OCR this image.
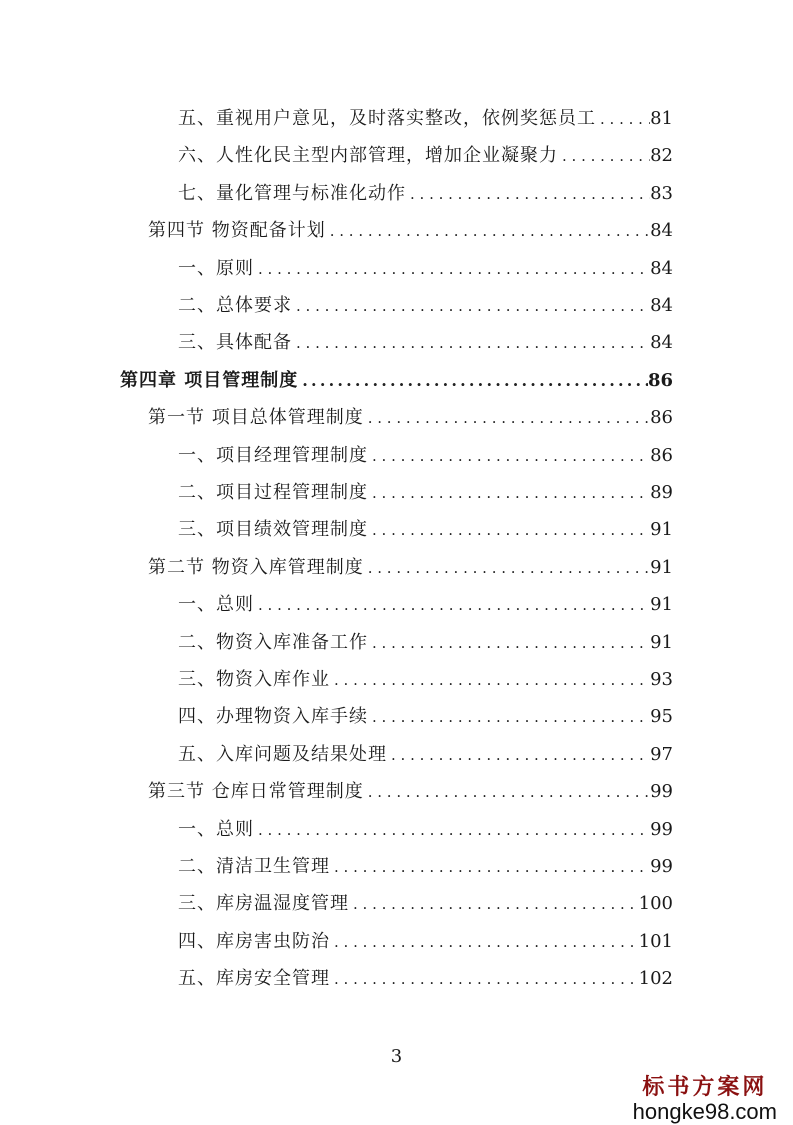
五、重视用户意见，及时落实整改，依例奖惩员工 . . .	81
六、人性化民主型内部管理，增加企业凝聚力 . . .	82
七、量化管理与标准化动作 . . .	83
第四节 物资配备计划 . . .	84
一、原则 . . .	84
二、总体要求 . . .	84
三、具体配备 . . .	84
第四章 项目管理制度 .....	86
第一节 项目总体管理制度 . . .	86
一、项目经理管理制度 . . .	86
二、项目过程管理制度 . . .	89
三、项目绩效管理制度 . . .	91
第二节 物资入库管理制度 . . .	91
一、总则 . . .	91
二、物资入库准备工作 . . .	91
三、物资入库作业 . . .	93
四、办理物资入库手续 . . .	95
五、入库问题及结果处理 . . .	97
第三节 仓库日常管理制度 . . .	99
一、总则 . . .	99
二、清洁卫生管理 . . .	99
三、库房温湿度管理 . . .	100
四、库房害虫防治 . . .	101
五、库房安全管理 . . .	102
3
标书方案网
hongke98.com
